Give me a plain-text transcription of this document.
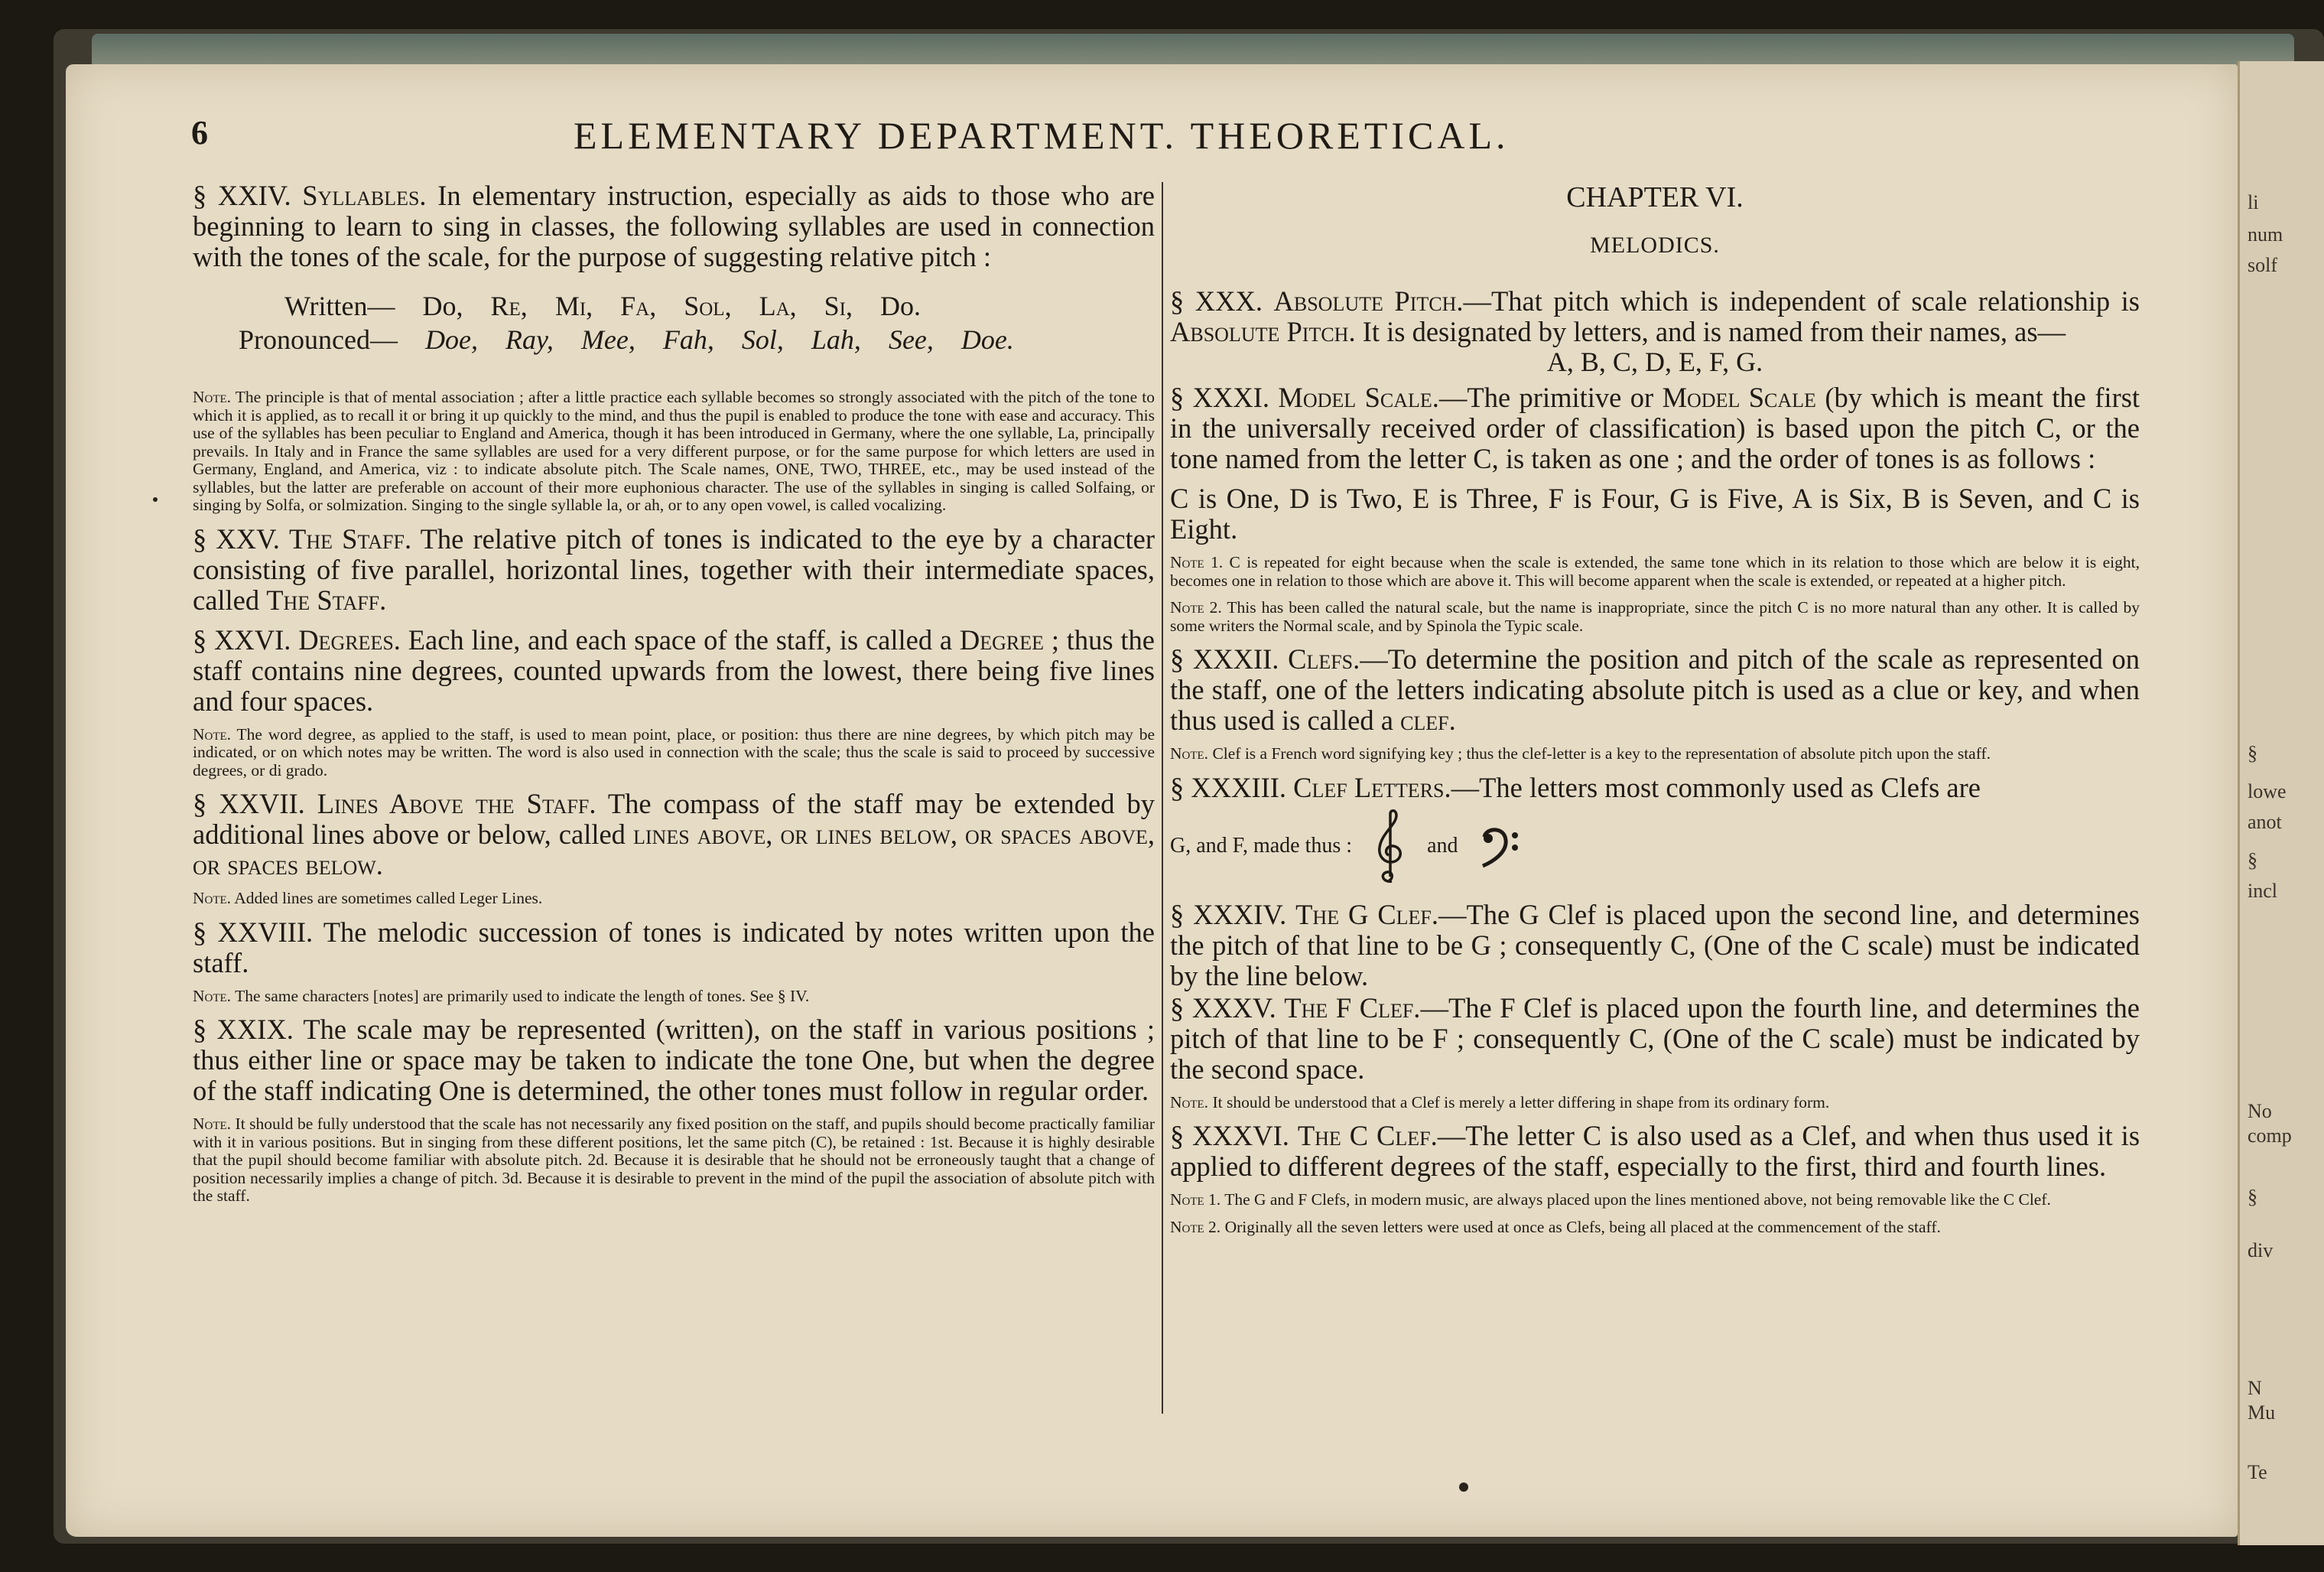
li
num
solf
§
lowe
anot
§
incl
No
comp
§
div
N
Mu
Te
6	ELEMENTARY DEPARTMENT. THEORETICAL.

§ XXIV. Syllables. In elementary instruction, especially as aids to those who are beginning to learn to sing in classes, the following syllables are used in connection with the tones of the scale, for the purpose of suggesting relative pitch :

Written— Do, Re, Mi, Fa, Sol, La, Si, Do.
Pronounced— Doe, Ray, Mee, Fah, Sol, Lah, See, Doe.

Note. The principle is that of mental association ; after a little practice each syllable becomes so strongly associated with the pitch of the tone to which it is applied, as to recall it or bring it up quickly to the mind, and thus the pupil is enabled to produce the tone with ease and accuracy. This use of the syllables has been peculiar to England and America, though it has been introduced in Germany, where the one syllable, La, principally prevails. In Italy and in France the same syllables are used for a very different purpose, or for the same purpose for which letters are used in Germany, England, and America, viz : to indicate absolute pitch. The Scale names, ONE, TWO, THREE, etc., may be used instead of the syllables, but the latter are preferable on account of their more euphonious character. The use of the syllables in singing is called Solfaing, or singing by Solfa, or solmization. Singing to the single syllable la, or ah, or to any open vowel, is called vocalizing.

§ XXV. The Staff. The relative pitch of tones is indicated to the eye by a character consisting of five parallel, horizontal lines, together with their intermediate spaces, called The Staff.

§ XXVI. Degrees. Each line, and each space of the staff, is called a Degree ; thus the staff contains nine degrees, counted upwards from the lowest, there being five lines and four spaces.

Note. The word degree, as applied to the staff, is used to mean point, place, or position: thus there are nine degrees, by which pitch may be indicated, or on which notes may be written. The word is also used in connection with the scale; thus the scale is said to proceed by successive degrees, or di grado.

§ XXVII. Lines Above the Staff. The compass of the staff may be extended by additional lines above or below, called lines above, or lines below, or spaces above, or spaces below.

Note. Added lines are sometimes called Leger Lines.

§ XXVIII. The melodic succession of tones is indicated by notes written upon the staff.

Note. The same characters [notes] are primarily used to indicate the length of tones. See § IV.

§ XXIX. The scale may be represented (written), on the staff in various positions ; thus either line or space may be taken to indicate the tone One, but when the degree of the staff indicating One is determined, the other tones must follow in regular order.

Note. It should be fully understood that the scale has not necessarily any fixed position on the staff, and pupils should become practically familiar with it in various positions. But in singing from these different positions, let the same pitch (C), be retained : 1st. Because it is highly desirable that the pupil should become familiar with absolute pitch. 2d. Because it is desirable that he should not be erroneously taught that a change of position necessarily implies a change of pitch. 3d. Because it is desirable to prevent in the mind of the pupil the association of absolute pitch with the staff.

CHAPTER VI.

MELODICS.

§ XXX. Absolute Pitch.—That pitch which is independent of scale relationship is Absolute Pitch. It is designated by letters, and is named from their names, as—

A, B, C, D, E, F, G.

§ XXXI. Model Scale.—The primitive or Model Scale (by which is meant the first in the universally received order of classification) is based upon the pitch C, or the tone named from the letter C, is taken as one ; and the order of tones is as follows :

C is One, D is Two, E is Three, F is Four, G is Five, A is Six, B is Seven, and C is Eight.

Note 1. C is repeated for eight because when the scale is extended, the same tone which in its relation to those which are below it is eight, becomes one in relation to those which are above it. This will become apparent when the scale is extended, or repeated at a higher pitch.

Note 2. This has been called the natural scale, but the name is inappropriate, since the pitch C is no more natural than any other. It is called by some writers the Normal scale, and by Spinola the Typic scale.

§ XXXII. Clefs.—To determine the position and pitch of the scale as represented on the staff, one of the letters indicating absolute pitch is used as a clue or key, and when thus used is called a clef.

Note. Clef is a French word signifying key ; thus the clef-letter is a key to the representation of absolute pitch upon the staff.

§ XXXIII. Clef Letters.—The letters most commonly used as Clefs are

G, and F, made thus :	and

§ XXXIV. The G Clef.—The G Clef is placed upon the second line, and determines the pitch of that line to be G ; consequently C, (One of the C scale) must be indicated by the line below.

§ XXXV. The F Clef.—The F Clef is placed upon the fourth line, and determines the pitch of that line to be F ; consequently C, (One of the C scale) must be indicated by the second space.

Note. It should be understood that a Clef is merely a letter differing in shape from its ordinary form.

§ XXXVI. The C Clef.—The letter C is also used as a Clef, and when thus used it is applied to different degrees of the staff, especially to the first, third and fourth lines.

Note 1. The G and F Clefs, in modern music, are always placed upon the lines mentioned above, not being removable like the C Clef.

Note 2. Originally all the seven letters were used at once as Clefs, being all placed at the commencement of the staff.
